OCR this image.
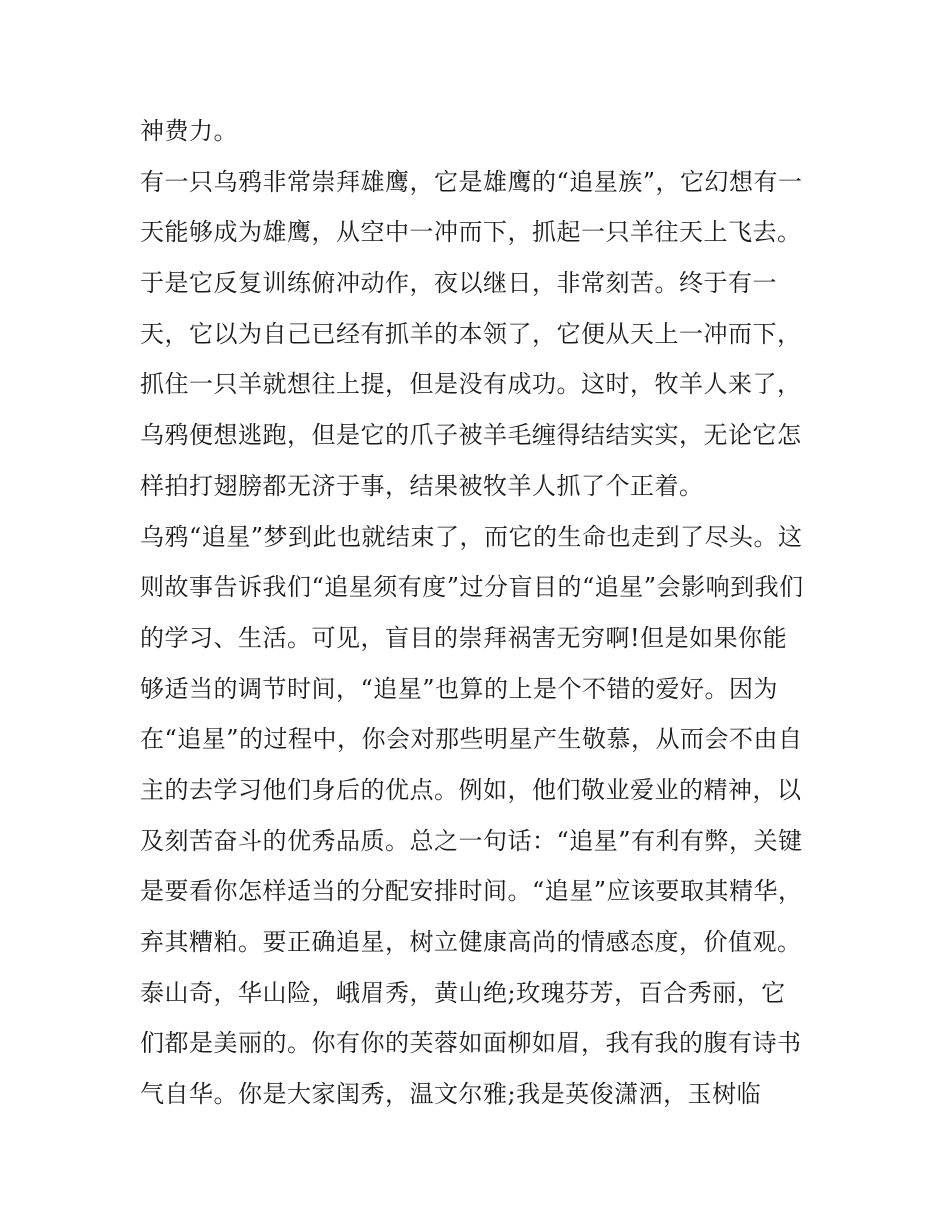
神费力。
有一只乌鸦非常崇拜雄鹰，它是雄鹰的“追星族”，它幻想有一
天能够成为雄鹰，从空中一冲而下，抓起一只羊往天上飞去。
于是它反复训练俯冲动作，夜以继日，非常刻苦。终于有一
天，它以为自己已经有抓羊的本领了，它便从天上一冲而下，
抓住一只羊就想往上提，但是没有成功。这时，牧羊人来了，
乌鸦便想逃跑，但是它的爪子被羊毛缠得结结实实，无论它怎
样拍打翅膀都无济于事，结果被牧羊人抓了个正着。
乌鸦“追星”梦到此也就结束了，而它的生命也走到了尽头。这
则故事告诉我们“追星须有度”过分盲目的“追星”会影响到我们
的学习、生活。可见，盲目的崇拜祸害无穷啊!但是如果你能
够适当的调节时间，“追星”也算的上是个不错的爱好。因为
在“追星”的过程中，你会对那些明星产生敬慕，从而会不由自
主的去学习他们身后的优点。例如，他们敬业爱业的精神，以
及刻苦奋斗的优秀品质。总之一句话：“追星”有利有弊，关键
是要看你怎样适当的分配安排时间。“追星”应该要取其精华，
弃其糟粕。要正确追星，树立健康高尚的情感态度，价值观。
泰山奇，华山险，峨眉秀，黄山绝;玫瑰芬芳，百合秀丽，它
们都是美丽的。你有你的芙蓉如面柳如眉，我有我的腹有诗书
气自华。你是大家闺秀，温文尔雅;我是英俊潇洒，玉树临
